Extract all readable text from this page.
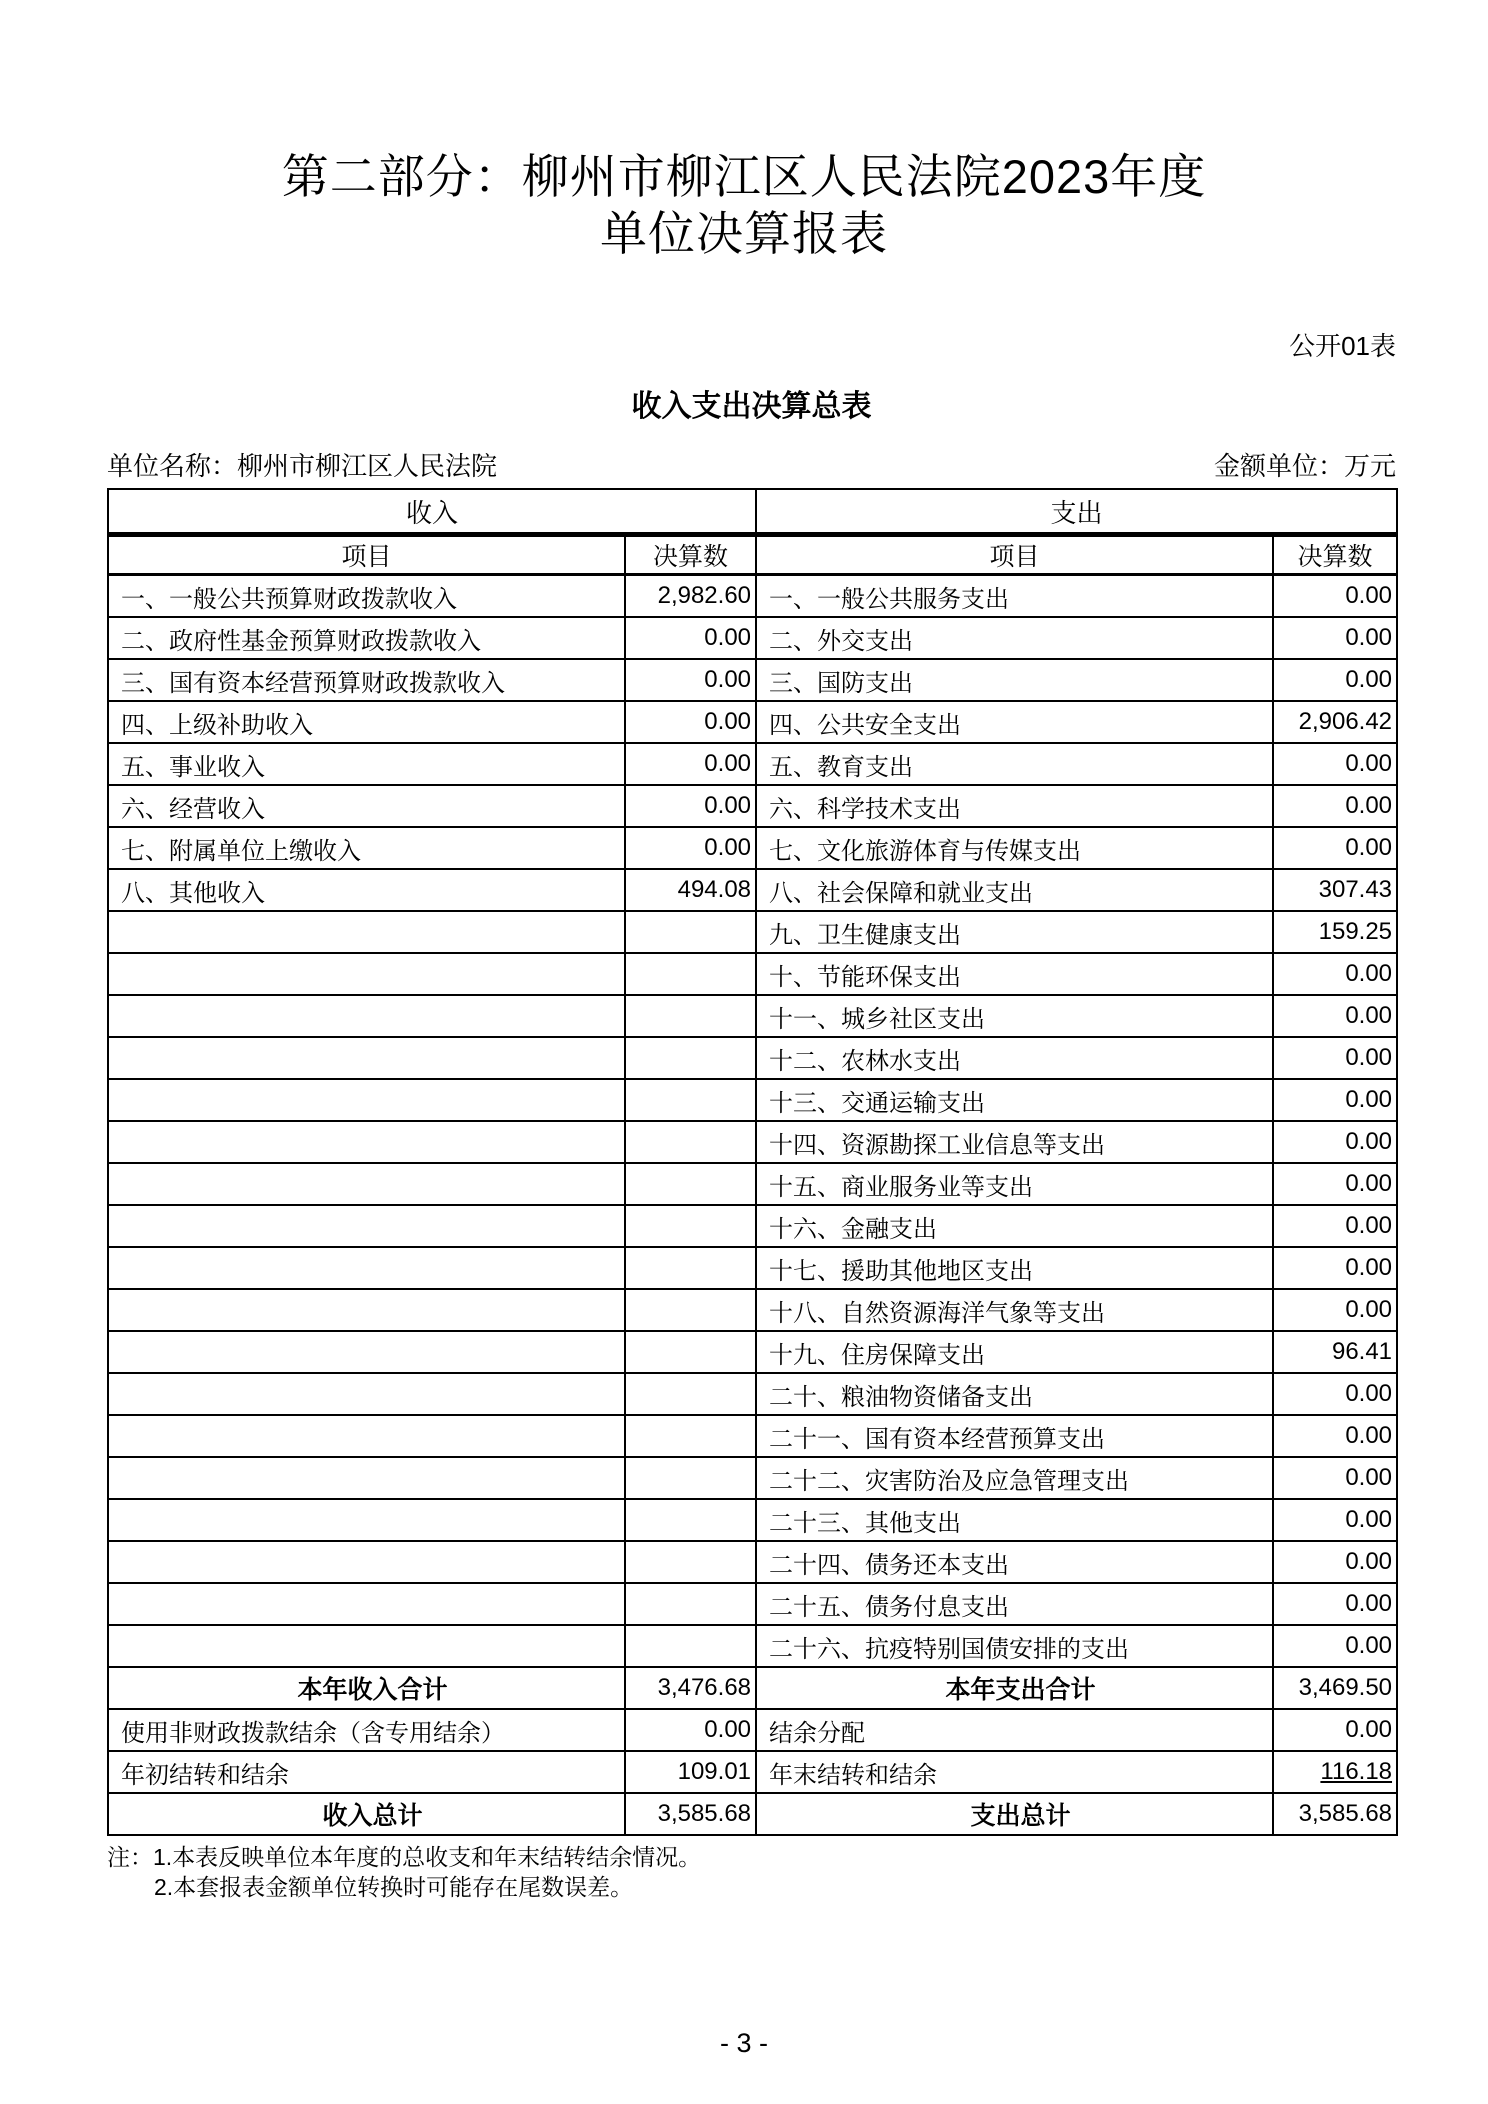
第二部分：柳州市柳江区人民法院2023年度
单位决算报表
公开01表
收入支出决算总表
单位名称：柳州市柳江区人民法院	金额单位：万元
收入		支出	
项目	决算数	项目	决算数
一、一般公共预算财政拨款收入	2,982.60	一、一般公共服务支出	0.00
二、政府性基金预算财政拨款收入	0.00	二、外交支出	0.00
三、国有资本经营预算财政拨款收入	0.00	三、国防支出	0.00
四、上级补助收入	0.00	四、公共安全支出	2,906.42
五、事业收入	0.00	五、教育支出	0.00
六、经营收入	0.00	六、科学技术支出	0.00
七、附属单位上缴收入	0.00	七、文化旅游体育与传媒支出	0.00
八、其他收入	494.08	八、社会保障和就业支出	307.43
		九、卫生健康支出	159.25
		十、节能环保支出	0.00
		十一、城乡社区支出	0.00
		十二、农林水支出	0.00
		十三、交通运输支出	0.00
		十四、资源勘探工业信息等支出	0.00
		十五、商业服务业等支出	0.00
		十六、金融支出	0.00
		十七、援助其他地区支出	0.00
		十八、自然资源海洋气象等支出	0.00
		十九、住房保障支出	96.41
		二十、粮油物资储备支出	0.00
		二十一、国有资本经营预算支出	0.00
		二十二、灾害防治及应急管理支出	0.00
		二十三、其他支出	0.00
		二十四、债务还本支出	0.00
		二十五、债务付息支出	0.00
		二十六、抗疫特别国债安排的支出	0.00
本年收入合计	3,476.68	本年支出合计	3,469.50
使用非财政拨款结余（含专用结余）	0.00	结余分配	0.00
年初结转和结余	109.01	年末结转和结余	116.18
收入总计	3,585.68	支出总计	3,585.68
注：1.本表反映单位本年度的总收支和年末结转结余情况。
2.本套报表金额单位转换时可能存在尾数误差。
- 3 -
